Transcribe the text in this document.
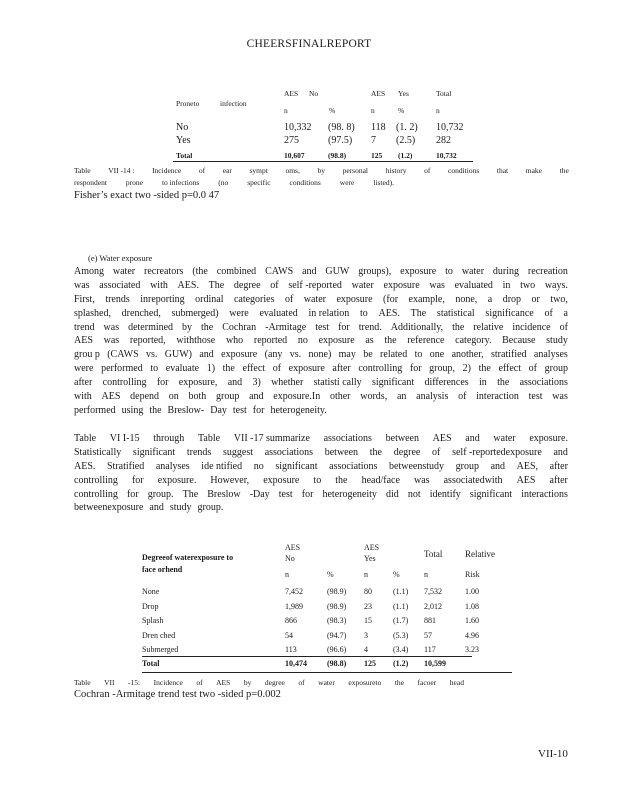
CHEERSFINALREPORT
Proneto	infection
AES No	AES Yes	Total
n	%	n	%	n
No	10,332 (98. 8) 118 (1. 2) 10,732
Yes	275	(97.5) 7 (2.5) 282
Total	10,607	(98.8)	125 (1.2)	10,732
Table VII -14 : Incidence of ear sympt oms, by personal history of conditions that make the
respondent	prone	to infections	(no	specific	conditions	were	listed).
Fisher’s exact two -sided p=0.0 47
(e) Water exposure
Among water recreators (the combined CAWS and GUW groups), exposure to water during recreation
was associated with AES. The degree of self -reported water exposure was evaluated in two ways.
First, trends inreporting ordinal categories of water exposure (for example, none, a drop or two,
splashed, drenched, submerged) were evaluated in relation to AES. The statistical significance of a
trend was determined by the Cochran -Armitage test for trend. Additionally, the relative incidence of
AES was reported, withthose who reported no exposure as the reference category. Because study
grou p (CAWS vs. GUW) and exposure (any vs. none) may be related to one another, stratified analyses
were performed to evaluate 1) the effect of exposure after controlling for group, 2) the effect of group
after controlling for exposure, and 3) whether statisti cally significant differences in the associations
with AES depend on both group and exposure.In other words, an analysis of interaction test was
performed using the Breslow- Day test for heterogeneity.
Table VI I-15 through Table VII -17 summarize associations between AES and water exposure.
Statistically significant trends suggest associations between the degree of self -reportedexposure and
AES. Stratified analyses ide ntified no significant associations betweenstudy group and AES, after
controlling for exposure. However, exposure to the head/face was associatedwith AES after
controlling for group. The Breslow -Day test for heterogeneity did not identify significant interactions
betweenexposure and study group.
Degreeof waterexposure to
face orhend
AES
No
AES
Yes	Total	Relative
n	%	n	%	n	Risk
None	7,452	(98.9) 80	(1.1) 7,532	1.00
Drop	1,989	(98.9) 23	(1.1) 2,012	1.08
Splash	866	(98.3) 15	(1.7) 881	1.60
Dren ched	54	(94.7) 3	(5.3) 57	4.96
Submerged	113	(96.6) 4	(3.4) 117	3.23
Total	10,474	(98.8) 125 (1.2) 10,599
Table VII -15: Incidence of AES by degree of water exposureto the facoer head
Cochran -Armitage trend test two -sided p=0.002
VII-10
